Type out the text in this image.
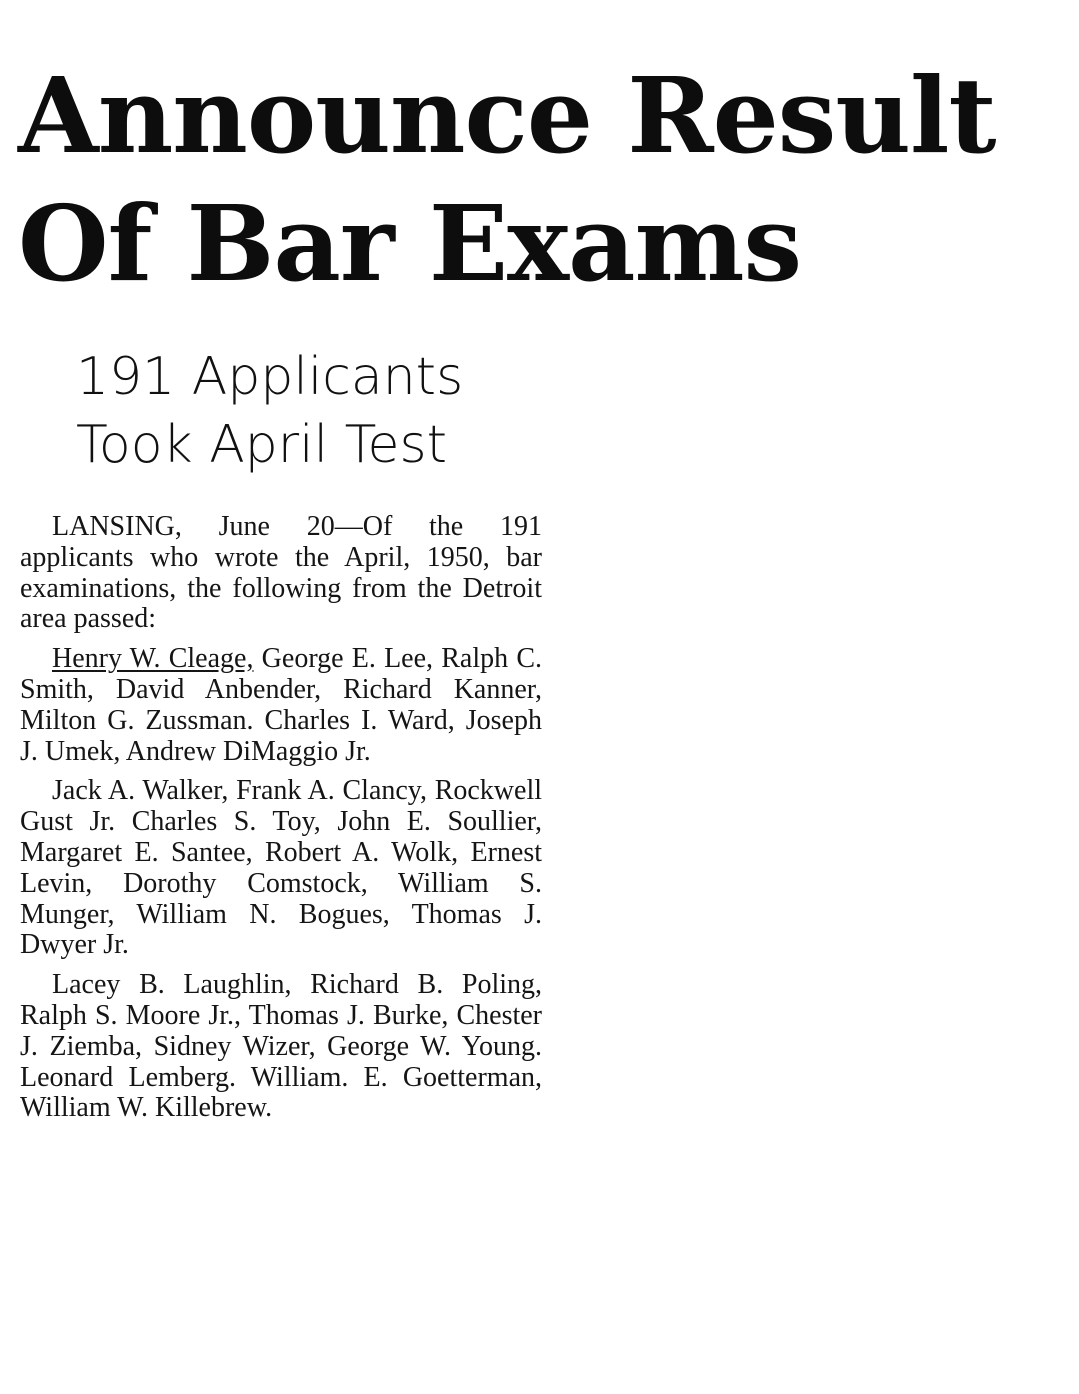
Announce Result
Of Bar Exams
191 Applicants
Took April Test

LANSING, June 20—Of the 191 applicants who wrote the April, 1950, bar examinations, the following from the Detroit area passed:

Henry W. Cleage, George E. Lee, Ralph C. Smith, David Anbender, Richard Kanner, Milton G. Zussman. Charles I. Ward, Joseph J. Umek, Andrew DiMaggio Jr.

Jack A. Walker, Frank A. Clancy, Rockwell Gust Jr. Charles S. Toy, John E. Soullier, Margaret E. Santee, Robert A. Wolk, Ernest Levin, Dorothy Comstock, William S. Munger, William N. Bogues, Thomas J. Dwyer Jr.

Lacey B. Laughlin, Richard B. Poling, Ralph S. Moore Jr., Thomas J. Burke, Chester J. Ziemba, Sidney Wizer, George W. Young. Leonard Lemberg. William. E. Goetterman, William W. Killebrew.
